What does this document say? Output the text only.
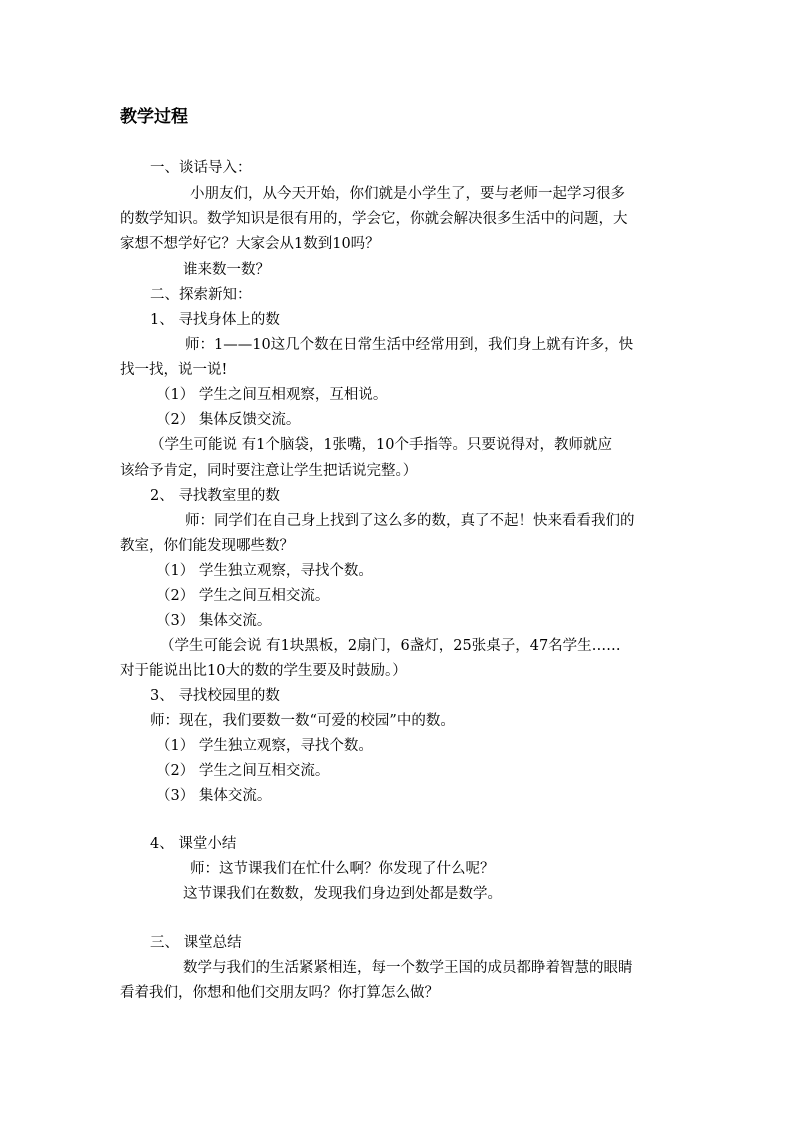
教学过程
一、谈话导入：
小朋友们，从今天开始，你们就是小学生了，要与老师一起学习很多
的数学知识。数学知识是很有用的，学会它，你就会解决很多生活中的问题，大
家想不想学好它？大家会从1数到10吗？
谁来数一数？
二、探索新知：
1、 寻找身体上的数
师：1——10这几个数在日常生活中经常用到，我们身上就有许多，快
找一找，说一说!
（1） 学生之间互相观察，互相说。
（2） 集体反馈交流。
（学生可能说 有1个脑袋，1张嘴，10个手指等。只要说得对，教师就应
该给予肯定，同时要注意让学生把话说完整。）
2、 寻找教室里的数
师：同学们在自己身上找到了这么多的数，真了不起！快来看看我们的
教室，你们能发现哪些数？
（1） 学生独立观察，寻找个数。
（2） 学生之间互相交流。
（3） 集体交流。
（学生可能会说 有1块黑板，2扇门，6盏灯，25张桌子，47名学生……
对于能说出比10大的数的学生要及时鼓励。）
3、 寻找校园里的数
师：现在，我们要数一数“可爱的校园”中的数。
（1） 学生独立观察，寻找个数。
（2） 学生之间互相交流。
（3） 集体交流。
4、 课堂小结
师：这节课我们在忙什么啊？你发现了什么呢？
这节课我们在数数，发现我们身边到处都是数学。
三、 课堂总结
数学与我们的生活紧紧相连，每一个数学王国的成员都睁着智慧的眼睛
看着我们，你想和他们交朋友吗？你打算怎么做？
